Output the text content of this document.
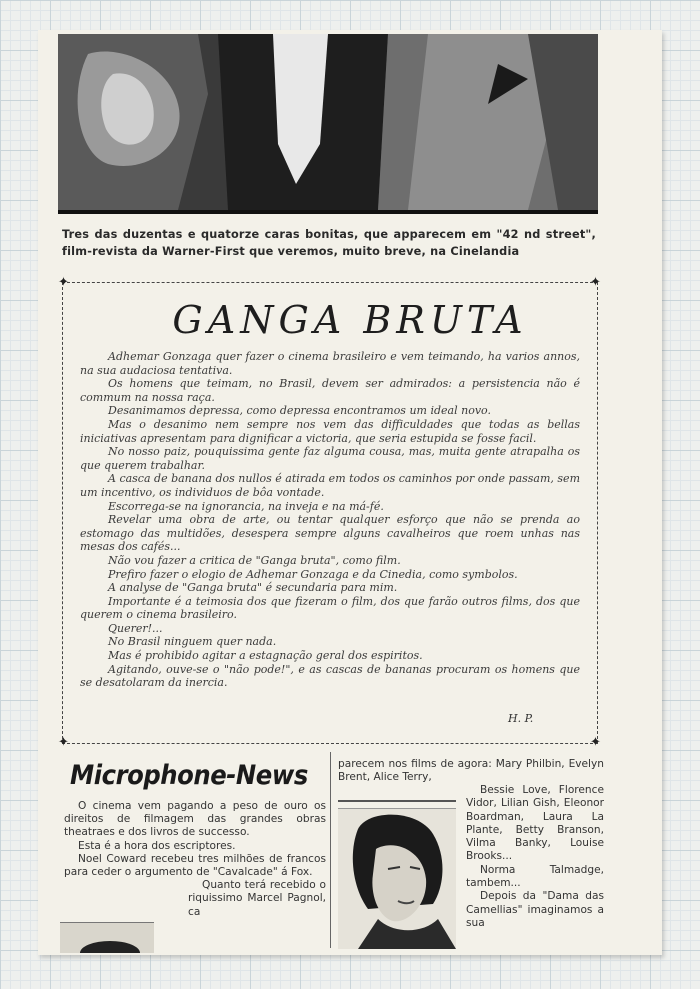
Tres das duzentas e quatorze caras bonitas, que apparecem em "42 nd street", film-revista da Warner-First que veremos, muito breve, na Cinelandia
✦	✦
✦	✦
GANGA BRUTA

Adhemar Gonzaga quer fazer o cinema brasileiro e vem teimando, ha varios annos, na sua audaciosa tentativa.

Os homens que teimam, no Brasil, devem ser admirados: a persistencia não é commum na nossa raça.

Desanimamos depressa, como depressa encontramos um ideal novo.

Mas o desanimo nem sempre nos vem das difficuldades que todas as bellas iniciativas apresentam para dignificar a victoria, que seria estupida se fosse facil.

No nosso paiz, pouquissima gente faz alguma cousa, mas, muita gente atrapalha os que querem trabalhar.

A casca de banana dos nullos é atirada em todos os caminhos por onde passam, sem um incentivo, os individuos de bôa vontade.

Escorrega-se na ignorancia, na inveja e na má-fé.

Revelar uma obra de arte, ou tentar qualquer esforço que não se prenda ao estomago das multidões, desespera sempre alguns cavalheiros que roem unhas nas mesas dos cafés...

Não vou fazer a critica de "Ganga bruta", como film.

Prefiro fazer o elogio de Adhemar Gonzaga e da Cinedia, como symbolos.

A analyse de "Ganga bruta" é secundaria para mim.

Importante é a teimosia dos que fizeram o film, dos que farão outros films, dos que querem o cinema brasileiro.

Querer!...

No Brasil ninguem quer nada.

Mas é prohibido agitar a estagnação geral dos espiritos.

Agitando, ouve-se o "não pode!", e as cascas de bananas procuram os homens que se desatolaram da inercia.

H. P.
Microphone-News

O cinema vem pagando a peso de ouro os direitos de filmagem das grandes obras theatraes e dos livros de successo.

Esta é a hora dos escriptores.

Noel Coward recebeu tres milhões de francos para ceder o argumento de "Cavalcade" á Fox.

Quanto terá recebido o riquissimo Marcel Pagnol, ca

parecem nos films de agora: Mary Philbin, Evelyn Brent, Alice Terry,

Bessie Love, Florence Vidor, Lilian Gish, Eleonor Boardman, Laura La Plante, Betty Branson, Vilma Banky, Louise Brooks...

Norma Talmadge, tambem...

Depois da "Dama das Camellias" imaginamos a sua
